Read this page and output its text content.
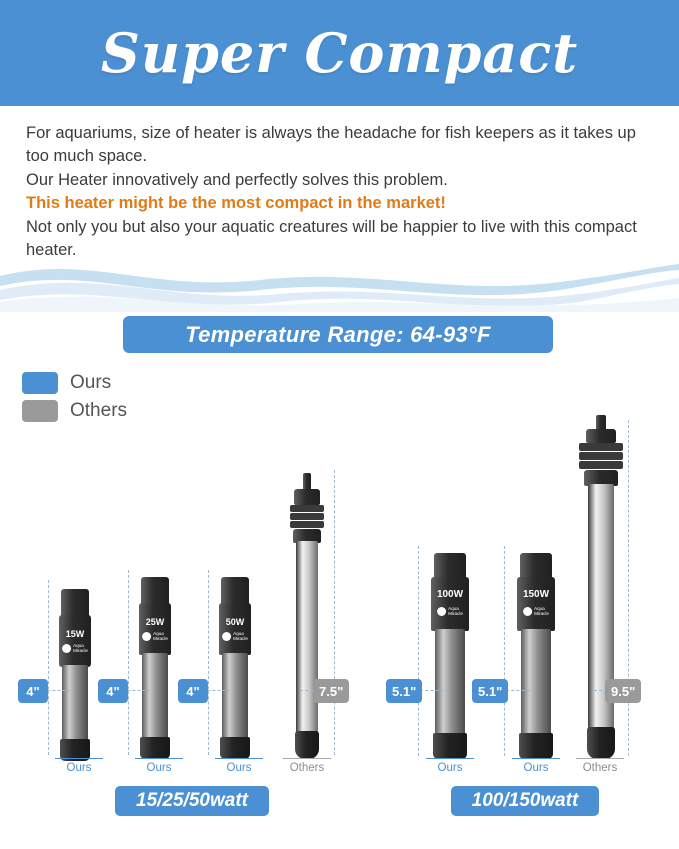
Super Compact

For aquariums, size of heater is always the headache for fish keepers as it takes up too much space.

Our Heater innovatively and perfectly solves this problem.

This heater might be the most compact in the market!

Not only you but also your aquatic creatures will be happier to live with this compact heater.

Temperature Range: 64-93°F
Ours
Others
15W
Aqua
Miracle
4"
Ours
25W
Aqua
Miracle
4"
Ours
50W
Aqua
Miracle
4"
Ours
7.5"
Others
100W
Aqua
Miracle
5.1"
Ours
150W
Aqua
Miracle
5.1"
Ours
9.5"
Others
15/25/50watt	100/150watt
